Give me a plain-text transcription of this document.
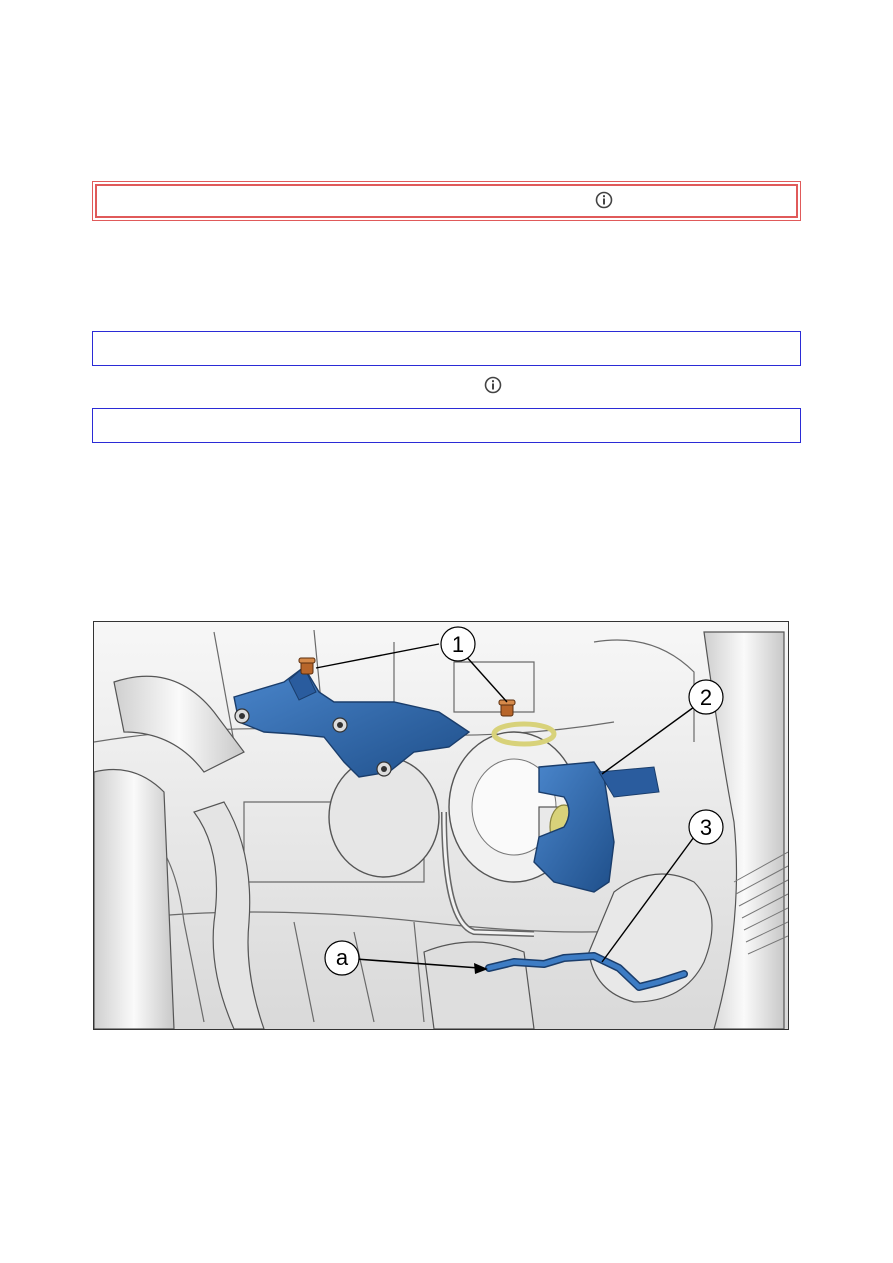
1
2
3
a
